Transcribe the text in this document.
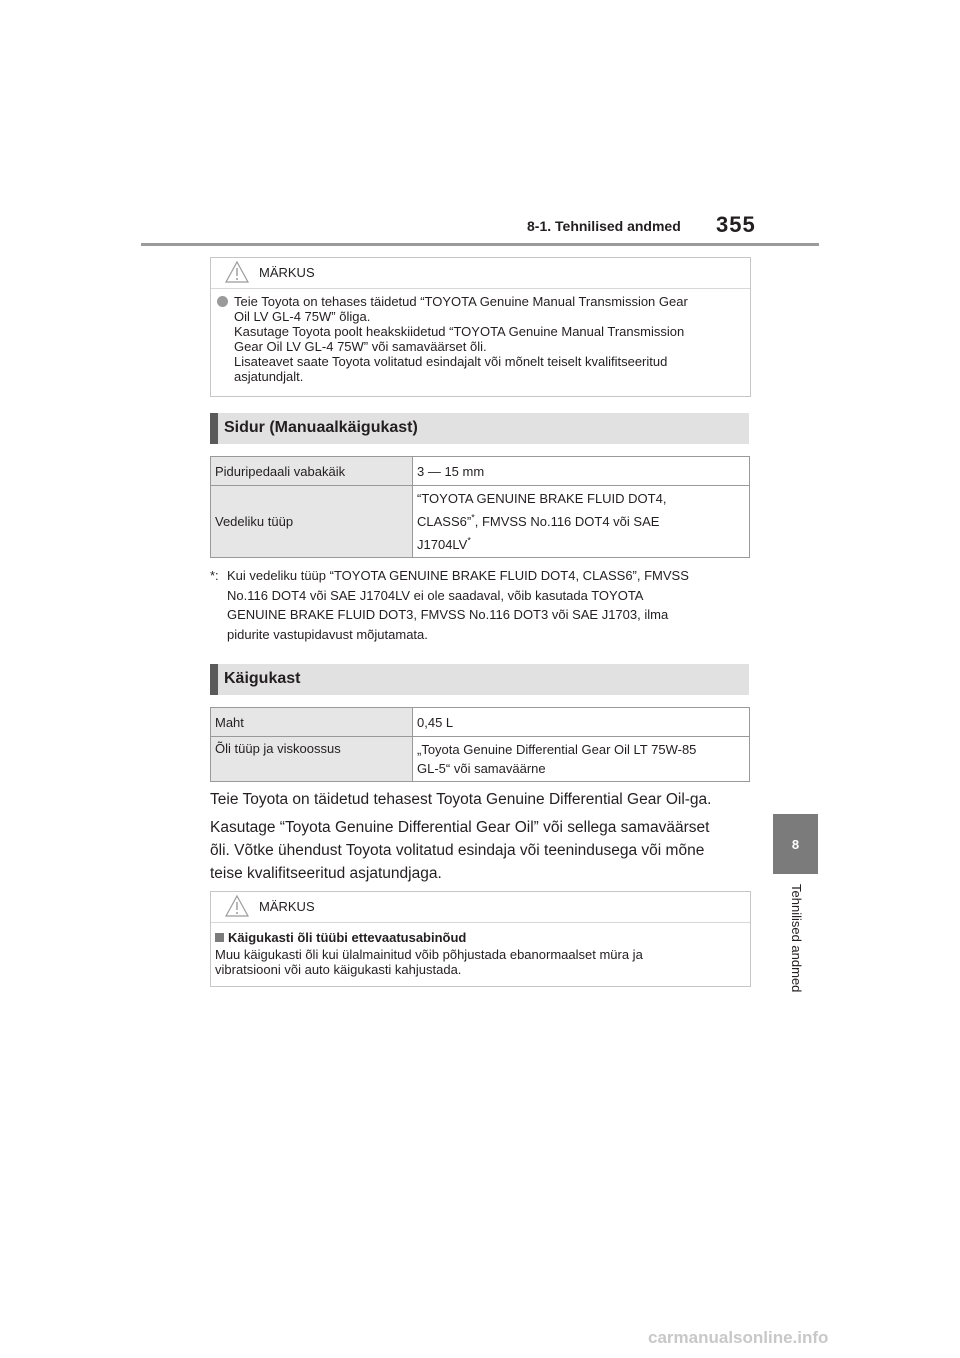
8-1. Tehnilised andmed 355
8
Tehnilised andmed
MÄRKUS
Teie Toyota on tehases täidetud “TOYOTA Genuine Manual Transmission Gear
Oil LV GL-4 75W” õliga.
Kasutage Toyota poolt heakskiidetud “TOYOTA Genuine Manual Transmission
Gear Oil LV GL-4 75W” või samaväärset õli.
Lisateavet saate Toyota volitatud esindajalt või mõnelt teiselt kvalifitseeritud
asjatundjalt.
Sidur (Manuaalkäigukast)
Piduripedaali vabakäik	3 — 15 mm
Vedeliku tüüp	“TOYOTA GENUINE BRAKE FLUID DOT4,
CLASS6”*, FMVSS No.116 DOT4 või SAE
J1704LV*
*: Kui vedeliku tüüp “TOYOTA GENUINE BRAKE FLUID DOT4, CLASS6”, FMVSS
No.116 DOT4 või SAE J1704LV ei ole saadaval, võib kasutada TOYOTA
GENUINE BRAKE FLUID DOT3, FMVSS No.116 DOT3 või SAE J1703, ilma
pidurite vastupidavust mõjutamata.
Käigukast
Maht	0,45 L
Õli tüüp ja viskoossus	„Toyota Genuine Differential Gear Oil LT 75W-85
GL-5“ või samaväärne
Teie Toyota on täidetud tehasest Toyota Genuine Differential Gear Oil-ga.
Kasutage “Toyota Genuine Differential Gear Oil” või sellega samaväärset
õli. Võtke ühendust Toyota volitatud esindaja või teenindusega või mõne
teise kvalifitseeritud asjatundjaga.
MÄRKUS
Käigukasti õli tüübi ettevaatusabinõud
Muu käigukasti õli kui ülalmainitud võib põhjustada ebanormaalset müra ja
vibratsiooni või auto käigukasti kahjustada.
carmanualsonline.info
